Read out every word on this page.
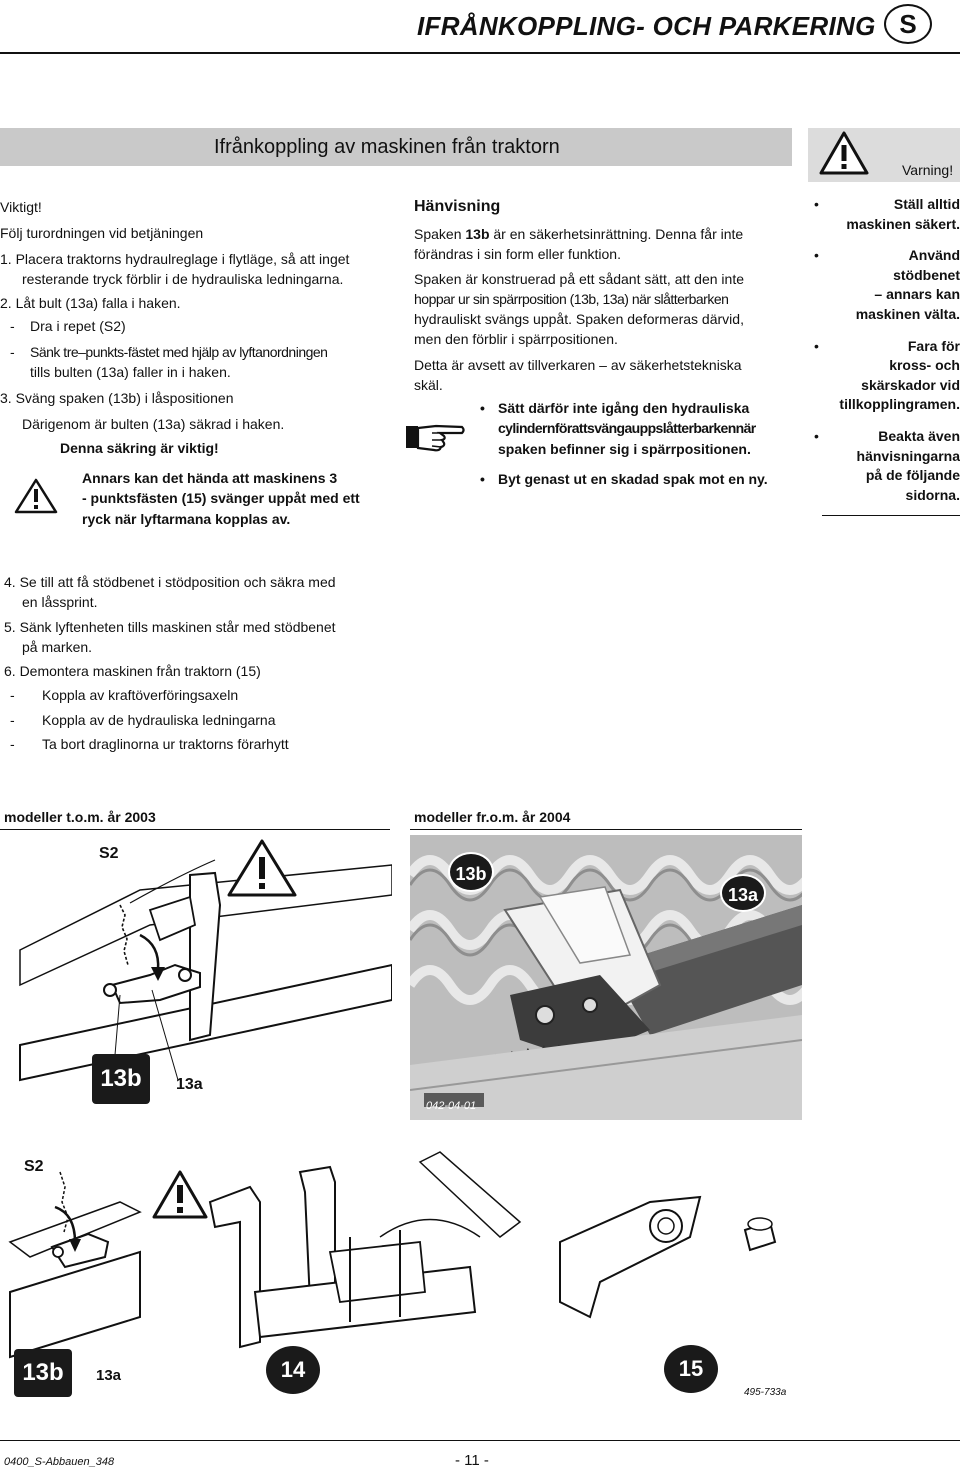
IFRÅNKOPPLING- OCH PARKERING S
Ifrånkoppling av maskinen från traktorn
Varning!
Viktigt!
Följ turordningen vid betjäningen
1. Placera traktorns hydraulreglage i flytläge, så att inget
resterande tryck förblir i de hydrauliska ledningarna.
2. Låt bult (13a) falla i haken.
-	Dra i repet (S2)
-	Sänk tre–punkts-fästet med hjälp av lyftanordningen
tills bulten (13a) faller in i haken.
3. Sväng spaken (13b) i låspositionen
Därigenom är bulten (13a) säkrad i haken.
Denna säkring är viktig!
Annars kan det hända att maskinens 3
- punktsfästen (15) svänger uppåt med ett
ryck när lyftarmana kopplas av.
Hänvisning
Spaken 13b är en säkerhetsinrättning. Denna får inte
förändras i sin form eller funktion.
Spaken är konstruerad på ett sådant sätt, att den inte
hoppar ur sin spärrposition (13b, 13a) när slåtterbarken
hydrauliskt svängs uppåt. Spaken deformeras därvid,
men den förblir i spärrpositionen.
Detta är avsett av tillverkaren – av säkerhetstekniska
skäl.
• Sätt därför inte igång den hydrauliska
cylindernförattsvängauppslåtterbarkennär
spaken befinner sig i spärrpositionen.
• Byt genast ut en skadad spak mot en ny.
• Ställ alltid
maskinen säkert.
• Använd
stödbenet
– annars kan
maskinen välta.
• Fara för
kross- och
skärskador vid
tillkopplingramen.
• Beakta även
hänvisningarna
på de följande
sidorna.
4. Se till att få stödbenet i stödposition och säkra med
en låssprint.
5. Sänk lyftenheten tills maskinen står med stödbenet
på marken.
6. Demontera maskinen från traktorn (15)
-	Koppla av kraftöverföringsaxeln
-	Koppla av de hydrauliska ledningarna
-	Ta bort draglinorna ur traktorns förarhytt
modeller t.o.m. år 2003	modeller fr.o.m. år 2004
S2
13b	13a
13b
13a
042-04-01
S2
13b	13a	14	15
495-733a
0400_S-Abbauen_348	- 11 -
